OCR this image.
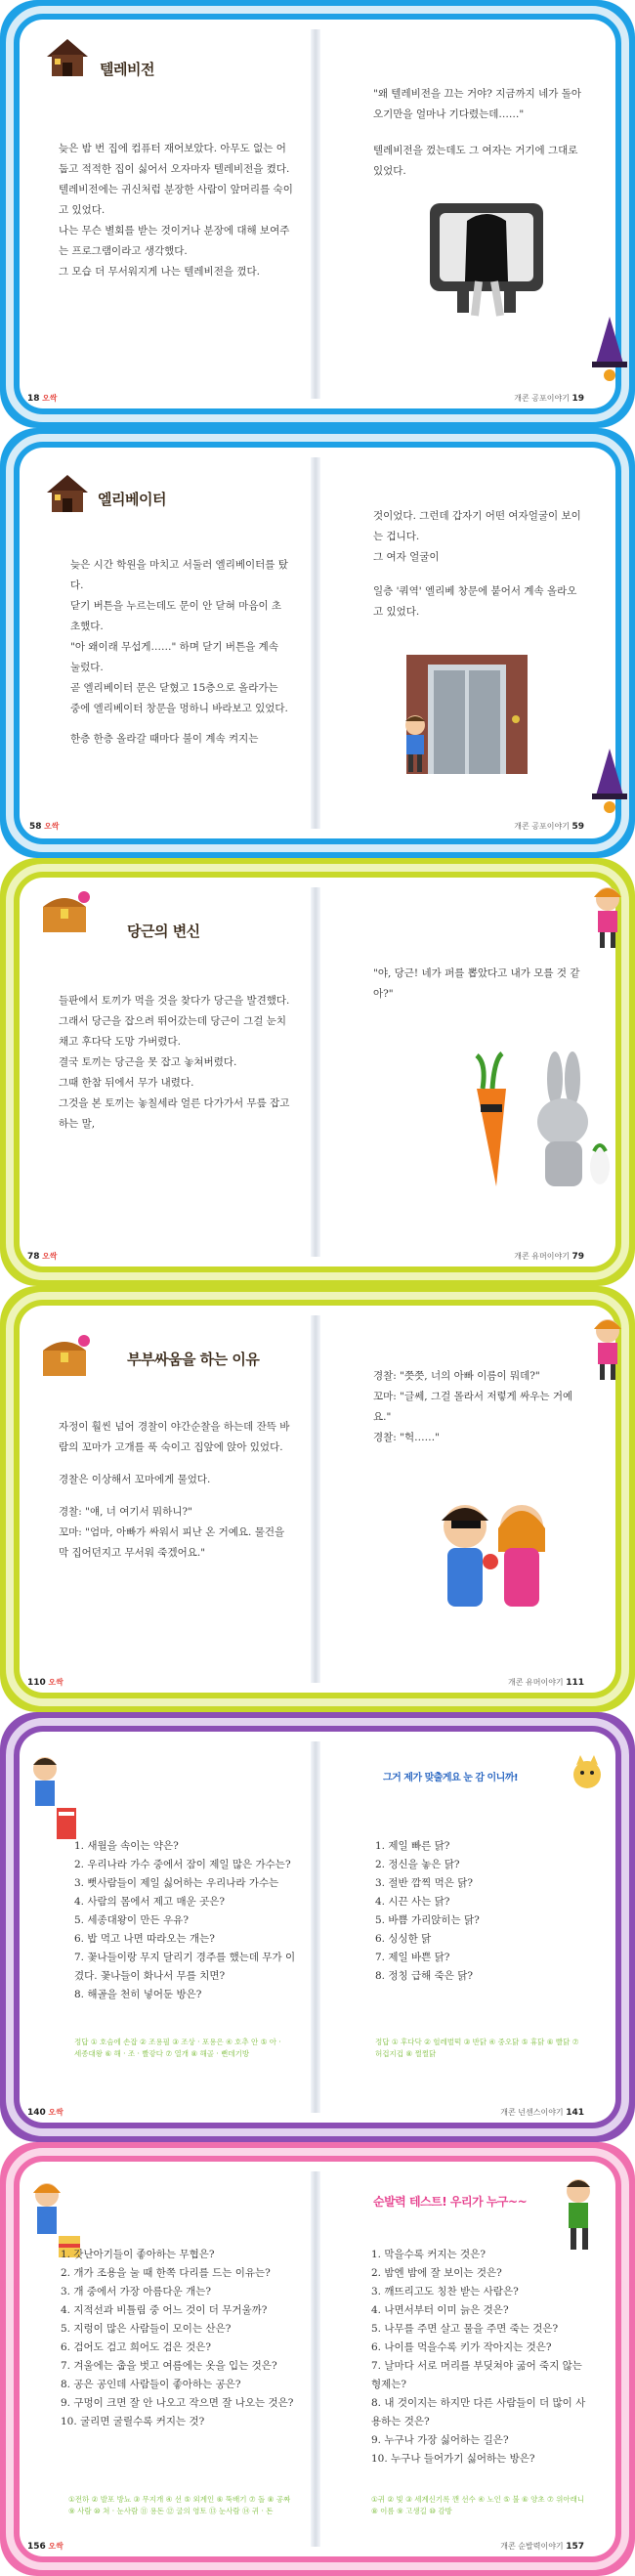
텔레비전

늦은 밤 번 집에 컴퓨터 재어보았다. 아무도 없는 어둡고 적적한 집이 싫어서 오자마자 텔레비전을 켰다.

텔레비전에는 귀신처럼 분장한 사람이 앞머리를 숙이고 있었다.

나는 무슨 별회를 받는 것이거나 분장에 대해 보여주는 프로그램이라고 생각했다.

그 모습 더 무서워지게 나는 텔레비전을 껐다.

"왜 텔레비전을 끄는 거야? 지금까지 네가 돌아오기만을 얼마나 기다렸는데……"

텔레비전을 껐는데도 그 여자는 거기에 그대로 있었다.

18 오싹	개콘 공포이야기 19
엘리베이터

늦은 시간 학원을 마치고 서둘러 엘리베이터를 탔다.

닫기 버튼을 누르는데도 문이 안 닫혀 마음이 초초했다.

"아 왜이래 무섭게……" 하며 닫기 버튼을 계속 눌렀다.

곧 엘리베이터 문은 닫혔고 15층으로 올라가는 중에 엘리베이터 창문을 멍하니 바라보고 있었다.

한층 한층 올라갈 때마다 불이 계속 켜지는

것이었다. 그런데 갑자기 어떤 여자얼굴이 보이는 겁니다.

그 여자 얼굴이

일층 '쿼역' 엘리베 창문에 붙어서 계속 올라오고 있었다.

58 오싹	개콘 공포이야기 59
당근의 변신

들판에서 토끼가 먹을 것을 찾다가 당근을 발견했다.

그래서 당근을 잡으려 뛰어갔는데 당근이 그걸 눈치채고 후다닥 도망 가버렸다.

결국 토끼는 당근을 못 잡고 놓쳐버렸다.

그때 한참 뒤에서 무가 내렸다.

그것을 본 토끼는 놓칠세라 얼른 다가가서 무릎 잡고 하는 말,

"야, 당근! 네가 퍼를 뽑았다고 내가 모를 것 같아?"

78 오싹	개콘 유머이야기 79
부부싸움을 하는 이유

자정이 훨씬 넘어 경찰이 야간순찰을 하는데 잔뜩 바람의 꼬마가 고개를 푹 숙이고 집앞에 앉아 있었다.

경찰은 이상해서 꼬마에게 물었다.

경찰: "얘, 너 여기서 뭐하니?"

꼬마: "엄마, 아빠가 싸워서 피난 온 거예요. 물건을 막 집어던지고 무서워 죽겠어요."

경찰: "쯧쯧, 너의 아빠 이름이 뭐데?"

꼬마: "글쎄, 그걸 몰라서 저렇게 싸우는 거예요."

경찰: "헉……"

110 오싹	개콘 유머이야기 111
그거 제가 맞출게요 눈 감 이니까!
1. 새월을 속이는 약은?
2. 우리나라 가수 중에서 잠이 제일 많은 가수는?
3. 뻣사람들이 제일 싫어하는 우리나라 가수는
4. 사람의 몸에서 제고 매운 곳은?
5. 세종대왕이 만든 우유?
6. 밥 먹고 나면 따라오는 개는?
7. 꽃나들이랑 무지 달리기 경주를 했는데 무가 이겼다. 꽃나들이 화나서 무를 치면?
8. 해골을 천히 넣어둔 방은?
정답 ① 호슴에 손잡 ② 조용필 ③ 조상 · 포용은 ④ 호추 안 ⑤ 아 · 세종대왕 ⑥ 해 · 조 · 빨갛다 ⑦ 열개 ⑧ 해골 · 뻔데기방
1. 제일 빠른 닭?
2. 정신을 놓은 닭?
3. 절반 깜찍 먹은 닭?
4. 시끈 사는 닭?
5. 바쁨 가리앉히는 닭?
6. 싱싱한 닭
7. 제일 바쁜 닭?
8. 정칭 급해 죽은 닭?
정답 ① 후다닥 ② 헐레벌떡 ③ 반닭 ④ 중오닭 ⑤ 휴닭 ⑥ 빨닭 ⑦ 허겁지겁 ⑧ 쩔쩔닭
140 오싹	개콘 넌센스이야기 141
순발력 테스트! 우리가 누구~~
1. 갓난아기들이 좋아하는 무협은?
2. 개가 조용을 눌 때 한쪽 다리를 드는 이유는?
3. 개 중에서 가장 아름다운 개는?
4. 지적선과 비틀림 중 어느 것이 더 무거울까?
5. 지렁이 많은 사람들이 모이는 산은?
6. 검어도 검고 희어도 검은 것은?
7. 겨울에는 춥을 벗고 여름에는 옷을 입는 것은?
8. 공은 공인데 사람들이 좋아하는 공은?
9. 구멍이 크면 잘 안 나오고 작으면 잘 나오는 것은?
10. 굴리면 굴릴수록 커지는 것?
①전하 ② 발포 방뇨 ③ 무지개 ④ 선 ⑤ 외계인 ⑥ 뚝배기 ⑦ 돌 ⑧ 공짜 ⑨ 사람 ⑩ 쳐 · 눈사람 ⑪ 용돈 ⑫ 굴의 영토 ⑬ 눈사람 ⑭ 귀 · 돈
1. 막을수록 커지는 것은?
2. 밤엔 밤에 잘 보이는 것은?
3. 깨뜨리고도 칭찬 받는 사람은?
4. 나면서부터 이미 늙은 것은?
5. 나무를 주면 살고 물을 주면 죽는 것은?
6. 나이를 먹을수록 키가 작아지는 것은?
7. 날마다 서로 머리를 부딪쳐야 굶어 죽지 않는 형제는?
8. 내 것이지는 하지만 다른 사람들이 더 많이 사용하는 것은?
9. 누구나 가장 싫어하는 길은?
10. 누구나 들어가기 싫어하는 방은?
①귀 ② 빛 ③ 세계신기록 깬 선수 ④ 노인 ⑤ 불 ⑥ 양초 ⑦ 위아래니 ⑧ 이름 ⑨ 고생길 ⑩ 감방
156 오싹	개콘 순발력이야기 157
